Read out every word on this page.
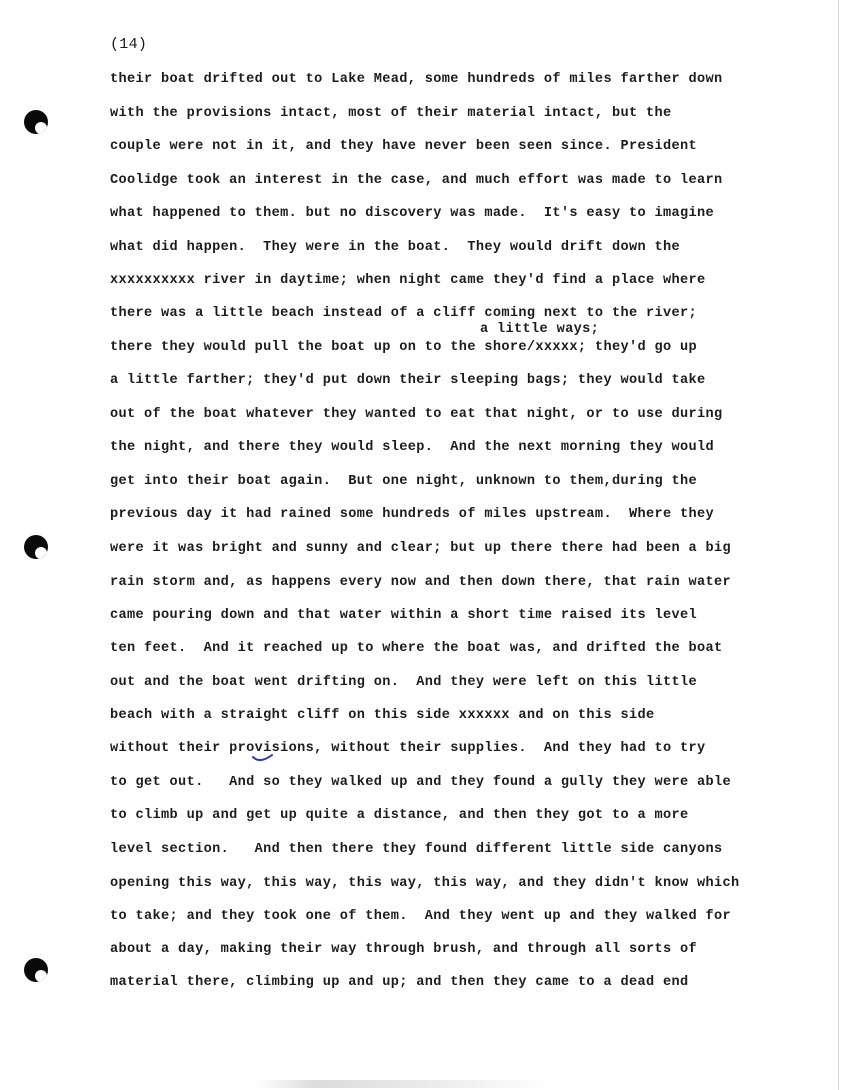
(14)
a little ways;
their boat drifted out to Lake Mead, some hundreds of miles farther down
with the provisions intact, most of their material intact, but the
couple were not in it, and they have never been seen since. President
Coolidge took an interest in the case, and much effort was made to learn
what happened to them. but no discovery was made.  It's easy to imagine
what did happen.  They were in the boat.  They would drift down the
xxxxxxxxxx river in daytime; when night came they'd find a place where
there was a little beach instead of a cliff coming next to the river;
there they would pull the boat up on to the shore/xxxxx; they'd go up
a little farther; they'd put down their sleeping bags; they would take
out of the boat whatever they wanted to eat that night, or to use during
the night, and there they would sleep.  And the next morning they would
get into their boat again.  But one night, unknown to them,during the
previous day it had rained some hundreds of miles upstream.  Where they
were it was bright and sunny and clear; but up there there had been a big
rain storm and, as happens every now and then down there, that rain water
came pouring down and that water within a short time raised its level
ten feet.  And it reached up to where the boat was, and drifted the boat
out and the boat went drifting on.  And they were left on this little
beach with a straight cliff on this side xxxxxx and on this side
without their provisions, without their supplies.  And they had to try
to get out.   And so they walked up and they found a gully they were able
to climb up and get up quite a distance, and then they got to a more
level section.   And then there they found different little side canyons
opening this way, this way, this way, this way, and they didn't know which
to take; and they took one of them.  And they went up and they walked for
about a day, making their way through brush, and through all sorts of
material there, climbing up and up; and then they came to a dead end
